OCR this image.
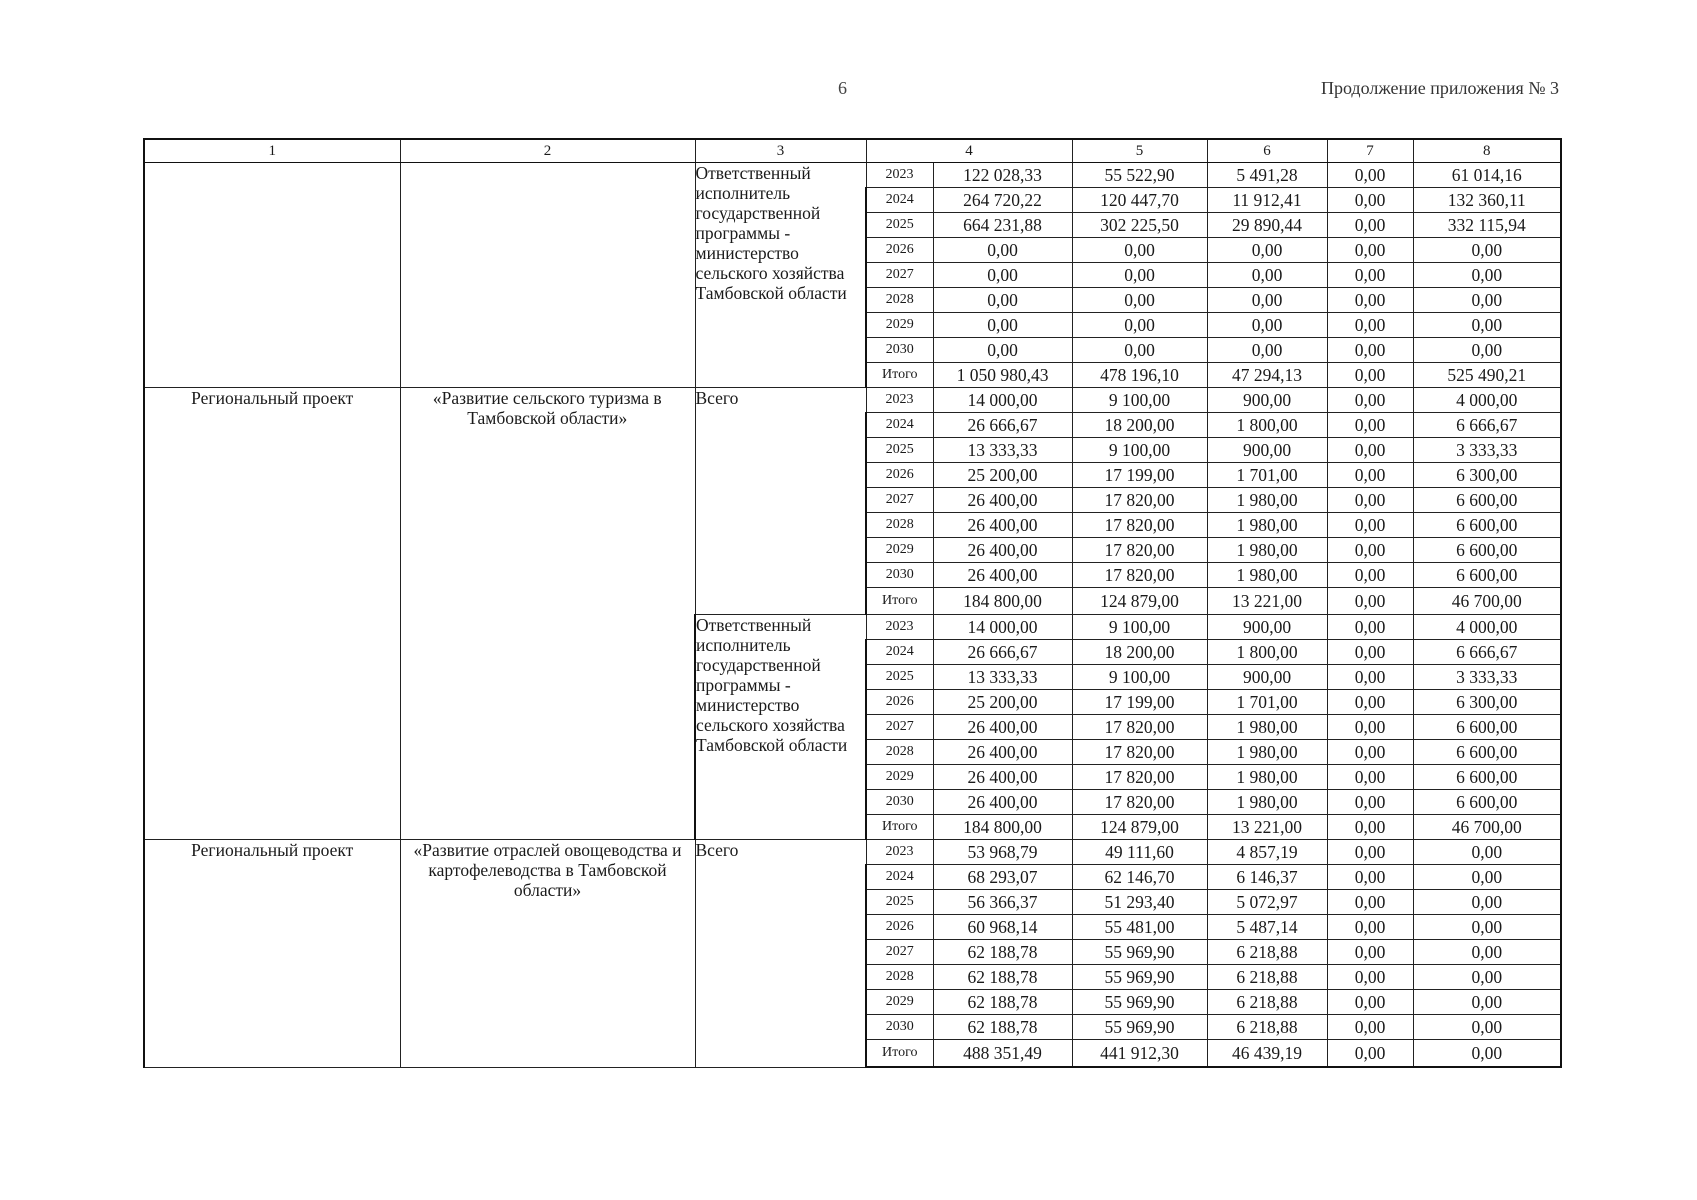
6	Продолжение приложения № 3
1	2	3	4		5	6	7	8
		Ответственный исполнитель государственной программы - министерство сельского хозяйства Тамбовской области	2023	122 028,33	55 522,90	5 491,28	0,00	61 014,16
			2024	264 720,22	120 447,70	11 912,41	0,00	132 360,11
			2025	664 231,88	302 225,50	29 890,44	0,00	332 115,94
			2026	0,00	0,00	0,00	0,00	0,00
			2027	0,00	0,00	0,00	0,00	0,00
			2028	0,00	0,00	0,00	0,00	0,00
			2029	0,00	0,00	0,00	0,00	0,00
			2030	0,00	0,00	0,00	0,00	0,00
			Итого	1 050 980,43	478 196,10	47 294,13	0,00	525 490,21
Региональный проект	«Развитие сельского туризма в Тамбовской области»	Всего	2023	14 000,00	9 100,00	900,00	0,00	4 000,00
			2024	26 666,67	18 200,00	1 800,00	0,00	6 666,67
			2025	13 333,33	9 100,00	900,00	0,00	3 333,33
			2026	25 200,00	17 199,00	1 701,00	0,00	6 300,00
			2027	26 400,00	17 820,00	1 980,00	0,00	6 600,00
			2028	26 400,00	17 820,00	1 980,00	0,00	6 600,00
			2029	26 400,00	17 820,00	1 980,00	0,00	6 600,00
			2030	26 400,00	17 820,00	1 980,00	0,00	6 600,00
			Итого	184 800,00	124 879,00	13 221,00	0,00	46 700,00
		Ответственный исполнитель государственной программы - министерство сельского хозяйства Тамбовской области	2023	14 000,00	9 100,00	900,00	0,00	4 000,00
			2024	26 666,67	18 200,00	1 800,00	0,00	6 666,67
			2025	13 333,33	9 100,00	900,00	0,00	3 333,33
			2026	25 200,00	17 199,00	1 701,00	0,00	6 300,00
			2027	26 400,00	17 820,00	1 980,00	0,00	6 600,00
			2028	26 400,00	17 820,00	1 980,00	0,00	6 600,00
			2029	26 400,00	17 820,00	1 980,00	0,00	6 600,00
			2030	26 400,00	17 820,00	1 980,00	0,00	6 600,00
			Итого	184 800,00	124 879,00	13 221,00	0,00	46 700,00
Региональный проект	«Развитие отраслей овощеводства и картофелеводства в Тамбовской области»	Всего	2023	53 968,79	49 111,60	4 857,19	0,00	0,00
			2024	68 293,07	62 146,70	6 146,37	0,00	0,00
			2025	56 366,37	51 293,40	5 072,97	0,00	0,00
			2026	60 968,14	55 481,00	5 487,14	0,00	0,00
			2027	62 188,78	55 969,90	6 218,88	0,00	0,00
			2028	62 188,78	55 969,90	6 218,88	0,00	0,00
			2029	62 188,78	55 969,90	6 218,88	0,00	0,00
			2030	62 188,78	55 969,90	6 218,88	0,00	0,00
			Итого	488 351,49	441 912,30	46 439,19	0,00	0,00
